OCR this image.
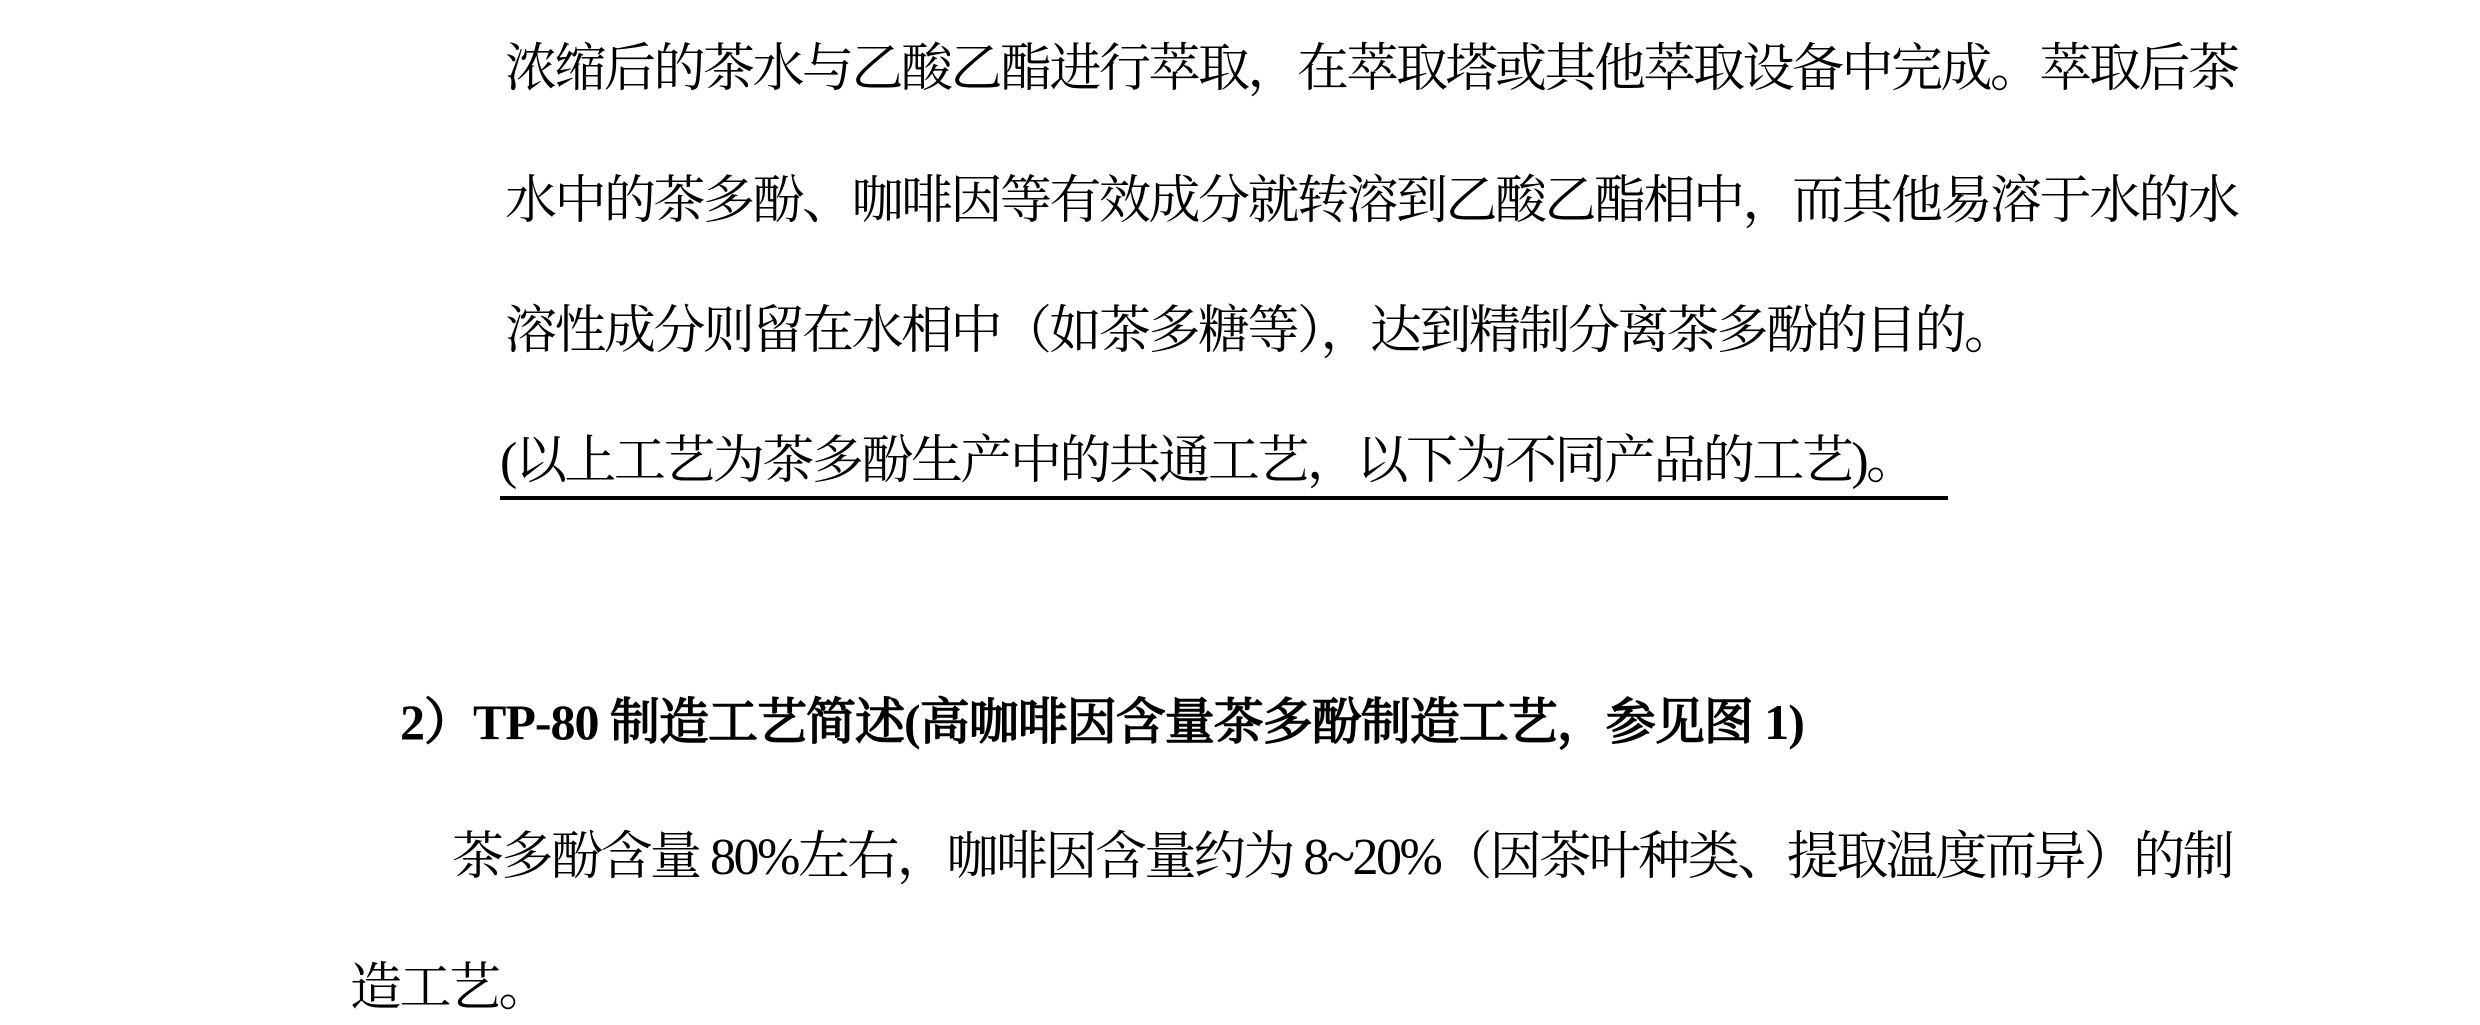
浓缩后的茶水与乙酸乙酯进行萃取，在萃取塔或其他萃取设备中完成。萃取后茶
水中的茶多酚、咖啡因等有效成分就转溶到乙酸乙酯相中，而其他易溶于水的水
溶性成分则留在水相中（如茶多糖等），达到精制分离茶多酚的目的。
(以上工艺为茶多酚生产中的共通工艺，以下为不同产品的工艺)。
2）TP-80 制造工艺简述(高咖啡因含量茶多酚制造工艺，参见图 1)
茶多酚含量 80%左右，咖啡因含量约为 8~20%（因茶叶种类、提取温度而异）的制
造工艺。
